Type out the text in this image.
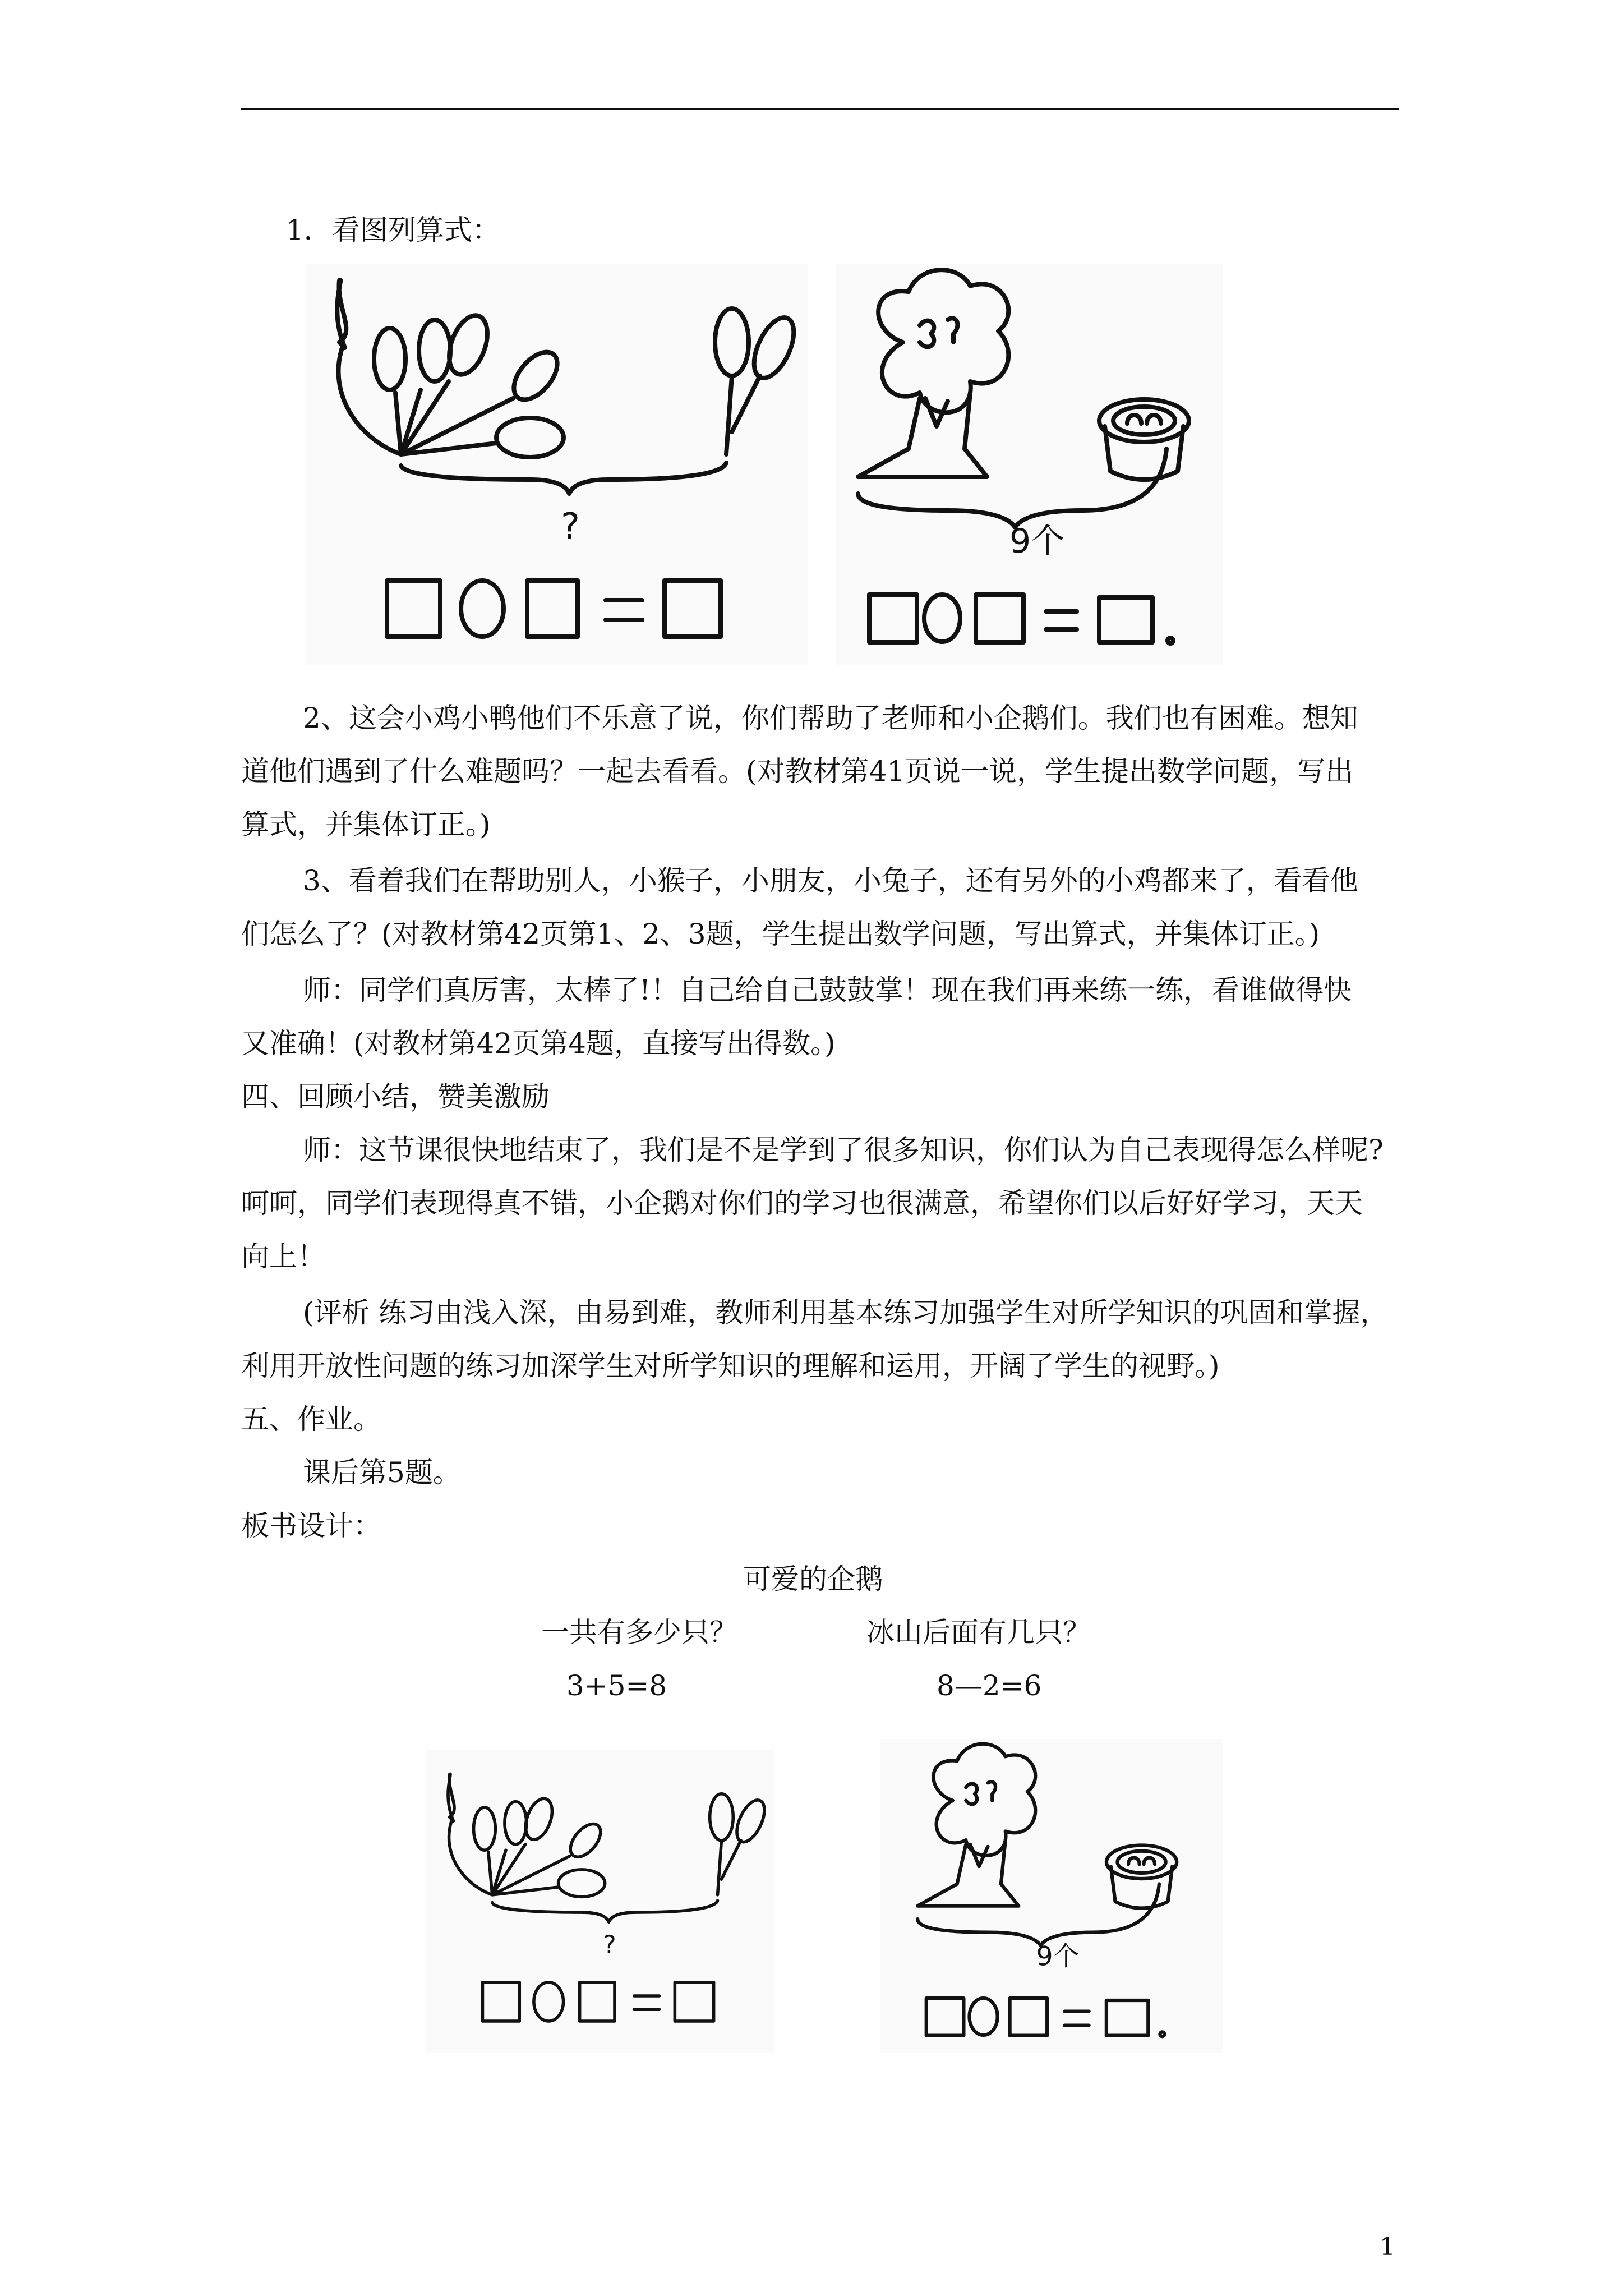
1．看图列算式：
?	9个
2、这会小鸡小鸭他们不乐意了说，你们帮助了老师和小企鹅们。我们也有困难。想知
道他们遇到了什么难题吗？一起去看看。(对教材第41页说一说，学生提出数学问题，写出
算式，并集体订正。)
3、看着我们在帮助别人，小猴子，小朋友，小兔子，还有另外的小鸡都来了，看看他
们怎么了？(对教材第42页第1、2、3题，学生提出数学问题，写出算式，并集体订正。)
师：同学们真厉害，太棒了!！自己给自己鼓鼓掌！现在我们再来练一练，看谁做得快
又准确！(对教材第42页第4题，直接写出得数。)
四、回顾小结，赞美激励
师：这节课很快地结束了，我们是不是学到了很多知识，你们认为自己表现得怎么样呢?
呵呵，同学们表现得真不错，小企鹅对你们的学习也很满意，希望你们以后好好学习，天天
向上！
(评析 练习由浅入深，由易到难，教师利用基本练习加强学生对所学知识的巩固和掌握，
利用开放性问题的练习加深学生对所学知识的理解和运用，开阔了学生的视野。)
五、作业。
课后第5题。
板书设计：
可爱的企鹅
一共有多少只？	冰山后面有几只？
3+5=8	8—2=6
?	9个
1
